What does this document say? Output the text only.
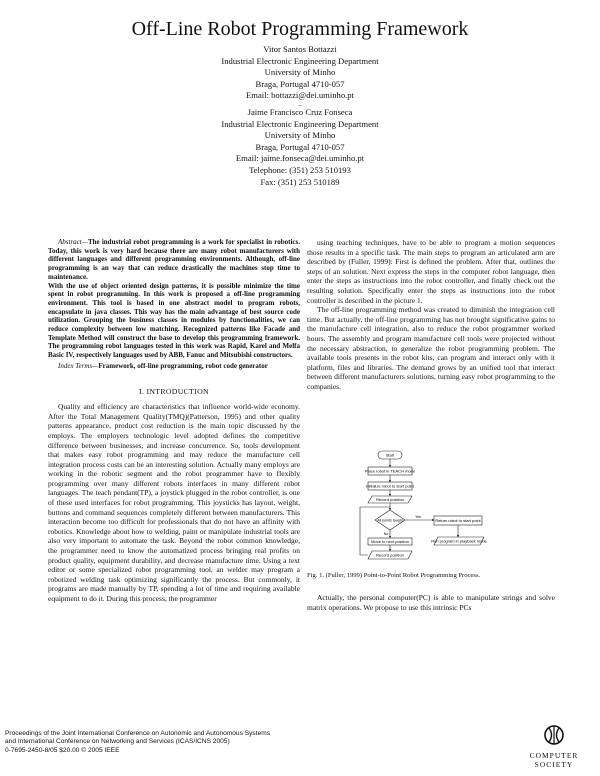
Off-Line Robot Programming Framework
Vitor Santos Bottazzi
Industrial Electronic Engineering Department
University of Minho
Braga, Portugal 4710-057
Email: bottazzi@dei.uminho.pt
..
Jaime Francisco Cruz Fonseca
Industrial Electronic Engineering Department
University of Minho
Braga, Portugal 4710-057
Email: jaime.fonseca@dei.uminho.pt
Telephone: (351) 253 510193
Fax: (351) 253 510189

Abstract—The industrial robot programming is a work for specialist in robotics. Today, this work is very hard because there are many robot manufacturers with different languages and different programming environments. Although, off-line programming is an way that can reduce drastically the machines stop time to maintenance.

With the use of object oriented design patterns, it is possible minimize the time spent in robot programming. In this work is proposed a off-line programming environment. This tool is based in one abstract model to program robots, encapsulate in java classes. This way has the main advantage of best source code utilization. Grouping the business classes in modules by functionalities, we can reduce complexity between low matching. Recognized patterns like Facade and Template Method will construct the base to develop this programming framework. The programming robot languages tested in this work was Rapid, Karel and Melfa Basic IV, respectively languages used by ABB, Fanuc and Mitsubishi constructors.

Index Terms—Framework, off-line programming, robot code generator

I. INTRODUCTION

Quality and efficiency are characteristics that influence world-wide economy. After the Total Management Quality(TMQ)(Patterson, 1995) and other quality patterns appearance, product cost reduction is the main topic discussed by the employs. The employers technologic level adopted defines the competitive difference between businesses, and increase concurrence. So, tools development that makes easy robot programming and may reduce the manufacture cell integration process costs can be an interesting solution. Actually many employs are working in the robotic segment and the robot programmer have to flexibly programming over many different robots interfaces in many different robot languages. The teach pendant(TP), a joystick plugged in the robot controller, is one of these used interfaces for robot programming. This joysticks has layout, weight, buttons and command sequences completely different between manufacturers. This interaction become too difficult for professionals that do not have an affinity with robotics. Knowledge about how to welding, paint or manipulate industrial tools are also very important to automate the task. Beyond the robot common knowledge, the programmer need to know the automatized process bringing real profits on product quality, equipment durability, and decrease manufacture time. Using a text editor or some specialized robot programming tool, an welder may program a robotized welding task optimizing significantly the process. But commonly, it programs are made manually by TP, spending a lot of time and requiring available equipment to do it. During this process, the programmer

using teaching techniques, have to be able to program a motion sequences those results in a specific task. The main steps to program an articulated arm are described by (Fuller, 1999): First is defined the problem. After that, outlines the steps of an solution. Next express the steps in the computer robot language, then enter the steps as instructions into the robot controller, and finally check out the resulting solution. Specifically enter the steps as instructions into the robot controller is described in the picture 1.

The off-line programming method was created to diminish the integration cell time. But actually, the off-line programming has not brought significative gains to the manufacture cell integration, also to reduce the robot programmer worked hours. The assembly and program manufacture cell tools were projected without the necessary abstraction, to generalize the robot programming problem. The available tools presents in the robot kits, can program and interact only with it platform, files and libraries. The demand grows by an unified tool that interact between different manufacturers solutions, turning easy robot programming to the companies.

Start
Place robot in TEACH mode
Initialize robot to start point
Record position
All points taught
Yes
No
Move to next position
Record position
Return robot to start point
Run program in playback mode
Fig. 1. (Fuller, 1999) Point-to-Point Robot Programming Process.

Actually, the personal computer(PC) is able to manipulate strings and solve matrix operations. We propose to use this intrinsic PCs

Proceedings of the Joint International Conference on Autonomic and Autonomous Systems
and International Conference on Networking and Services (ICAS/ICNS 2005)
0-7695-2450-8/05 $20.00 © 2005 IEEE
COMPUTER
SOCIETY
